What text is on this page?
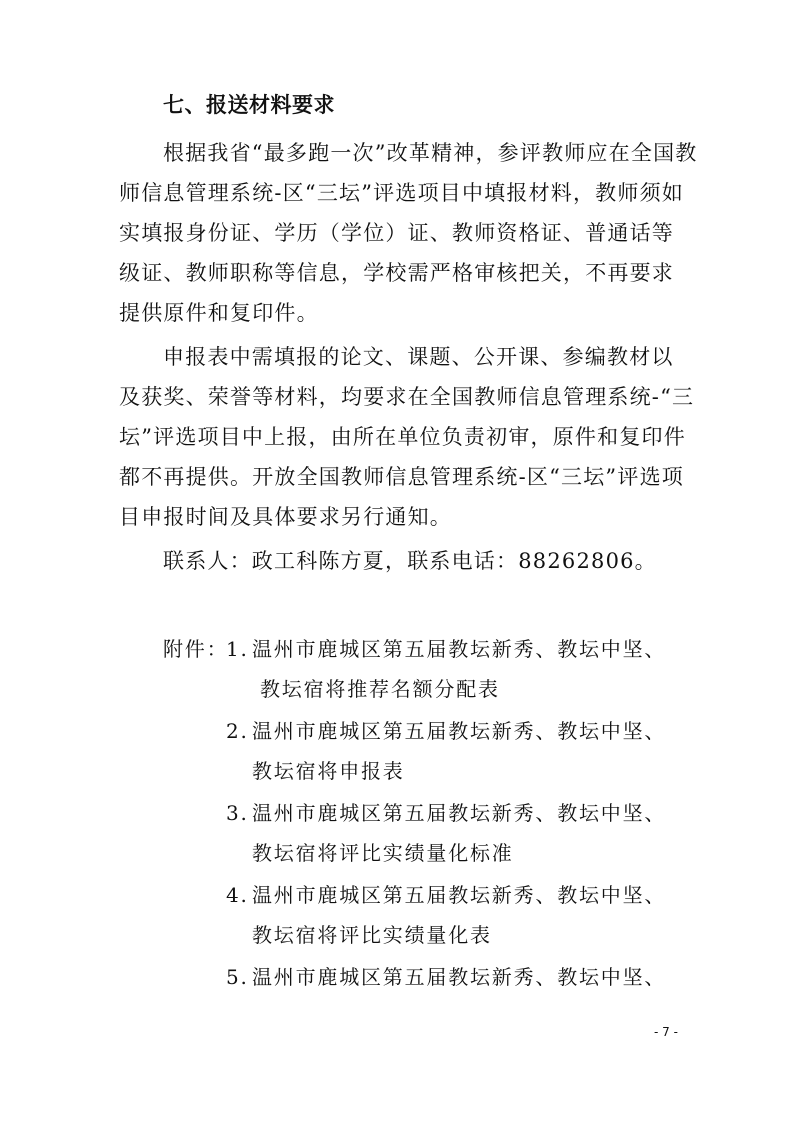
七、报送材料要求
根据我省“最多跑一次”改革精神，参评教师应在全国教
师信息管理系统-区“三坛”评选项目中填报材料，教师须如
实填报身份证、学历（学位）证、教师资格证、普通话等
级证、教师职称等信息，学校需严格审核把关，不再要求
提供原件和复印件。
申报表中需填报的论文、课题、公开课、参编教材以
及获奖、荣誉等材料，均要求在全国教师信息管理系统-“三
坛”评选项目中上报，由所在单位负责初审，原件和复印件
都不再提供。开放全国教师信息管理系统-区“三坛”评选项
目申报时间及具体要求另行通知。
联系人：政工科陈方夏，联系电话：88262806。
附件：
1. 温州市鹿城区第五届教坛新秀、教坛中坚、
教坛宿将推荐名额分配表
2. 温州市鹿城区第五届教坛新秀、教坛中坚、
教坛宿将申报表
3. 温州市鹿城区第五届教坛新秀、教坛中坚、
教坛宿将评比实绩量化标准
4. 温州市鹿城区第五届教坛新秀、教坛中坚、
教坛宿将评比实绩量化表
5. 温州市鹿城区第五届教坛新秀、教坛中坚、
- 7 -
